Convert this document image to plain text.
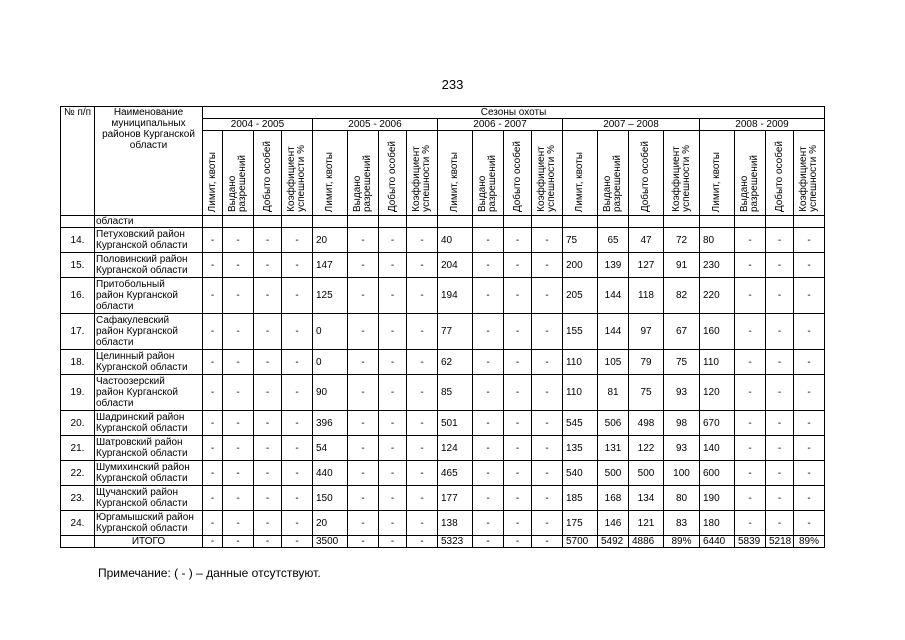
233
№ п/п	Наименование муниципальных районов Курганской области	Сезоны охоты																			
		2004 - 2005				2005 - 2006				2006 - 2007				2007 – 2008				2008 - 2009			

		Лимит, квоты	Выдано
разрешений	Добыто особей	Коэффициент
успешности %	Лимит, квоты	Выдано
разрешений	Добыто особей	Коэффициент
успешности %	Лимит, квоты	Выдано
разрешений	Добыто особей	Коэффициент
успешности %	Лимит, квоты	Выдано
разрешений	Добыто особей	Коэффициент
успешности %	Лимит, квоты	Выдано
разрешений	Добыто особей	Коэффициент
успешности %

	области																				
14.	Петуховский район
Курганской области	-	-	-	-	20	-	-	-	40	-	-	-	75	65	47	72	80	-	-	-
15.	Половинский район
Курганской области	-	-	-	-	147	-	-	-	204	-	-	-	200	139	127	91	230	-	-	-
16.	Притобольный
район Курганской
области	-	-	-	-	125	-	-	-	194	-	-	-	205	144	118	82	220	-	-	-
17.	Сафакулевский
район Курганской
области	-	-	-	-	0	-	-	-	77	-	-	-	155	144	97	67	160	-	-	-
18.	Целинный район
Курганской области	-	-	-	-	0	-	-	-	62	-	-	-	110	105	79	75	110	-	-	-
19.	Частоозерский
район Курганской
области	-	-	-	-	90	-	-	-	85	-	-	-	110	81	75	93	120	-	-	-
20.	Шадринский район
Курганской области	-	-	-	-	396	-	-	-	501	-	-	-	545	506	498	98	670	-	-	-
21.	Шатровский район
Курганской области	-	-	-	-	54	-	-	-	124	-	-	-	135	131	122	93	140	-	-	-
22.	Шумихинский район
Курганской области	-	-	-	-	440	-	-	-	465	-	-	-	540	500	500	100	600	-	-	-
23.	Щучанский район
Курганской области	-	-	-	-	150	-	-	-	177	-	-	-	185	168	134	80	190	-	-	-
24.	Юргамышский район
Курганской области	-	-	-	-	20	-	-	-	138	-	-	-	175	146	121	83	180	-	-	-
	ИТОГО	-	-	-	-	3500	-	-	-	5323	-	-	-	5700	5492	4886	89%	6440	5839	5218	89%
Примечание: ( - ) – данные отсутствуют.
